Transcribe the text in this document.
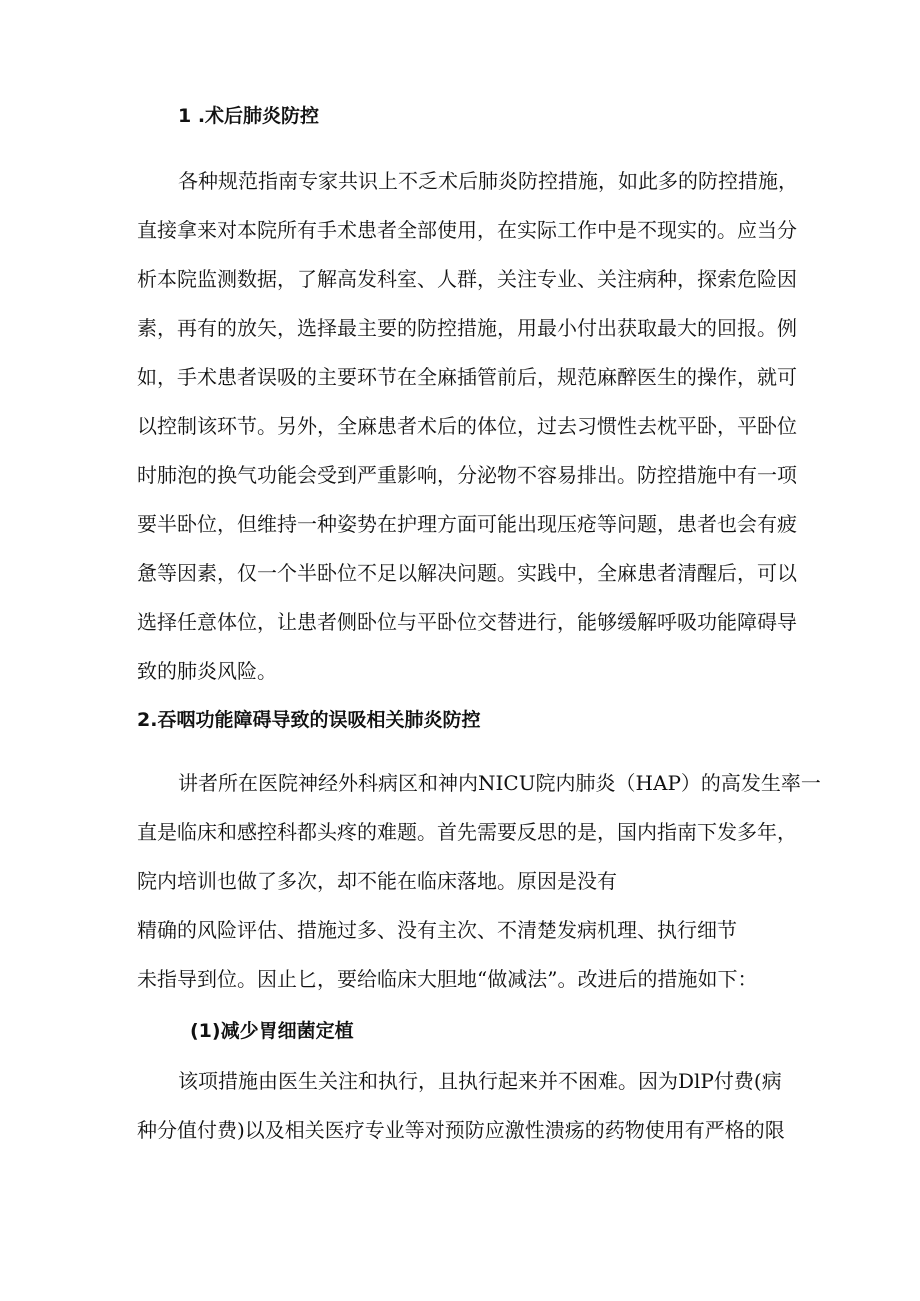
1 .术后肺炎防控

各种规范指南专家共识上不乏术后肺炎防控措施，如此多的防控措施，

直接拿来对本院所有手术患者全部使用，在实际工作中是不现实的。应当分

析本院监测数据，了解高发科室、人群，关注专业、关注病种，探索危险因

素，再有的放矢，选择最主要的防控措施，用最小付出获取最大的回报。例

如，手术患者误吸的主要环节在全麻插管前后，规范麻醉医生的操作，就可

以控制该环节。另外，全麻患者术后的体位，过去习惯性去枕平卧，平卧位

时肺泡的换气功能会受到严重影响，分泌物不容易排出。防控措施中有一项

要半卧位，但维持一种姿势在护理方面可能出现压疮等问题，患者也会有疲

惫等因素，仅一个半卧位不足以解决问题。实践中，全麻患者清醒后，可以

选择任意体位，让患者侧卧位与平卧位交替进行，能够缓解呼吸功能障碍导

致的肺炎风险。

2.吞咽功能障碍导致的误吸相关肺炎防控

讲者所在医院神经外科病区和神内NICU院内肺炎（HAP）的高发生率一

直是临床和感控科都头疼的难题。首先需要反思的是，国内指南下发多年，

院内培训也做了多次，却不能在临床落地。原因是没有

精确的风险评估、措施过多、没有主次、不清楚发病机理、执行细节

未指导到位。因止匕，要给临床大胆地“做减法”。改进后的措施如下：

(1)减少胃细菌定植

该项措施由医生关注和执行，且执行起来并不困难。因为DlP付费(病

种分值付费)以及相关医疗专业等对预防应激性溃疡的药物使用有严格的限
